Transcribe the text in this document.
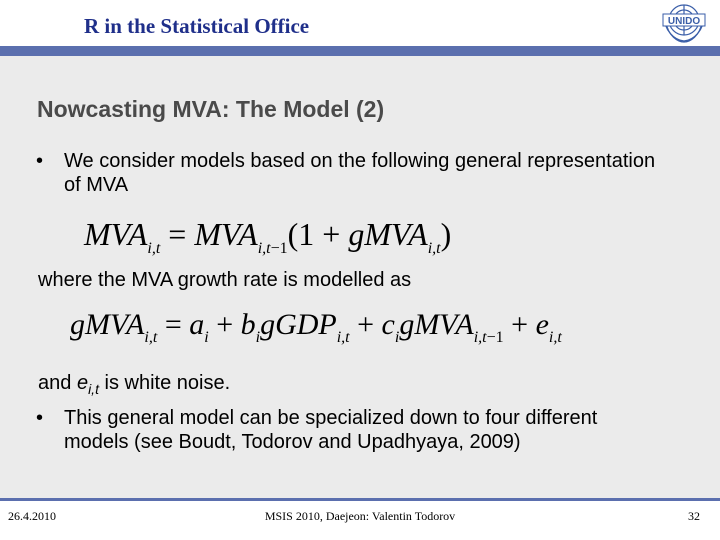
R in the Statistical Office	UNIDO
Nowcasting MVA: The Model (2)
• We consider models based on the following general representation of MVA
$MVA_{i,t} = MVA_{i,t-1}(1$ + gMVA$_{i,t}$)
where the MVA growth rate is modelled as
gMVA$_{i,t}$ = $a_i$ + $b_igGDP_{i,t}$ + $c_igMVA_{i,t-1} + e_{i,t}$
and $e_{i,t}$ is white noise.
• This general model can be specialized down to four different models (see Boudt, Todorov and Upadhyaya, 2009)
26.4.2010	MSIS 2010, Daejeon: Valentin Todorov	32
